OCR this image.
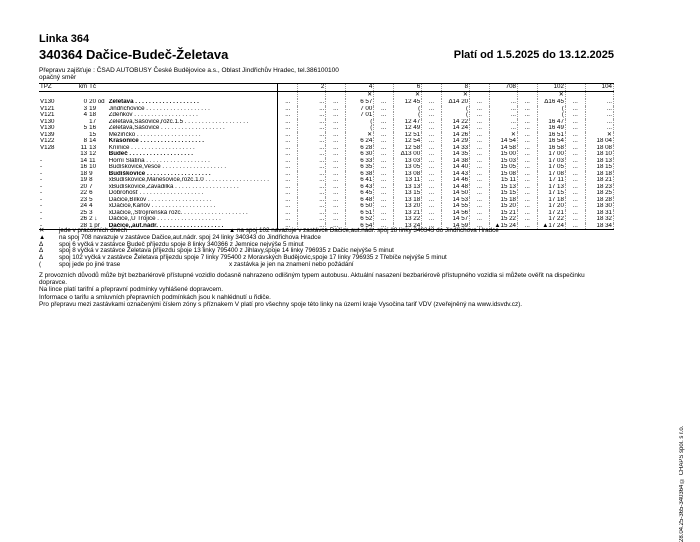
Linka 364
340364 Dačice-Budeč-Želetava	Platí od 1.5.2025 do 13.12.2025
Přepravu zajišťuje : ČSAD AUTOBUSY České Budějovice a.s., Oblast Jindřichův Hradec, tel.386100100
opačný směr
TPZ	km	Tč			2		4		6		8		708		102		104
							✕		✕		✕				✕		
V130	0	20 od	Želetava . . . . . . . . . . . . . . . . . . .	...	...	...	6 57	...	12 45	...	Δ14 20	...	...	...	Δ16 45	...	...
V121	3	19	Jindřichovice . . . . . . . . . . . . . . . . . . .	...	...	...	7 00	...	(	...	(	...	...	...	(	...	...
V121	4	18	Zdeňkov . . . . . . . . . . . . . . . . . . .	...	...	...	7 01	...	(	...	(	...	...	...	(	...	...
V130		17	Želetava,Šašovice,rozc.1.5 . . . . . . . . . . . . . . . . . . .	...	...	...	(	...	12 47	...	14 22	...	...	...	16 47	...	...
V130	5	16	Želetava,Šašovice . . . . . . . . . . . . . . . . . . .	...	...	...	(	...	12 49	...	14 24	...	...	...	16 49	...	...
V139		15	Meziříčko . . . . . . . . . . . . . . . . . . .	...	...	...	✕	...	12 51	...	14 26	...	✕	...	16 51	...	✕
V122	8	14	Krasonice . . . . . . . . . . . . . . . . . . .	...	...	...	6 24	...	12 54	...	14 29	...	14 54	...	16 54	...	18 04
V128	11	13	Knínice . . . . . . . . . . . . . . . . . . .	...	...	...	6 28	...	12 58	...	14 33	...	14 58	...	16 58	...	18 08
	13	12	Budeč . . . . . . . . . . . . . . . . . . .	...	...	...	6 30	...	Δ13 00	...	14 35	...	15 00	...	17 00	...	18 10
-	14	11	Horní Slatina . . . . . . . . . . . . . . . . . . .	...	...	...	6 33	...	13 03	...	14 38	...	15 03	...	17 03	...	18 13
-	16	10	Budíškovice,Vesce . . . . . . . . . . . . . . . . . . .	...	...	...	6 35	...	13 05	...	14 40	...	15 05	...	17 05	...	18 15
-	18	9	Budíškovice . . . . . . . . . . . . . . . . . . .	...	...	...	6 38	...	13 08	...	14 43	...	15 08	...	17 08	...	18 18
-	19	8	xBudíškovice,Manešovice,rozc.1.0 . . . . . . . . . . . . . . . . . . .	...	...	...	6 41	...	13 11	...	14 46	...	15 11	...	17 11	...	18 21
-	20	7	xBudíškovice,Zavadilka . . . . . . . . . . . . . . . . . . .	...	...	...	6 43	...	13 13	...	14 48	...	15 13	...	17 13	...	18 23
-	22	6	Dobrohošť . . . . . . . . . . . . . . . . . . .	...	...	...	6 45	...	13 15	...	14 50	...	15 15	...	17 15	...	18 25
-	23	5	Dačice,Bílkov . . . . . . . . . . . . . . . . . . .	...	...	...	6 48	...	13 18	...	14 53	...	15 18	...	17 18	...	18 28
-	24	4	xDačice,Karlov . . . . . . . . . . . . . . . . . . .	...	...	...	6 50	...	13 20	...	14 55	...	15 20	...	17 20	...	18 30
-	25	3	xDačice,,Strojírenská rozc. . . . . . . . . . . . . . . . . . . .	...	...	...	6 51	...	13 21	...	14 56	...	15 21	...	17 21	...	18 31
-	26	2 ↓	Dačice,,U Trojice . . . . . . . . . . . . . . . . . . .	...	...	...	6 52	...	13 22	...	14 57	...	15 22	...	17 22	...	18 32
-	28	1 př	Dačice,,aut.nádr. . . . . . . . . . . . . . . . . . . .	...	...	...	6 54	...	13 24	...	14 59	...	▲15 24	...	▲17 24	...	18 34
✕ jede v pracovních dnech	▲ na spoj 102 navazuje v zastávce Dačice,aut.nádr. spoj 18 linky 340343 do Jindřichova Hradce
▲ na spoj 708 navazuje v zastávce Dačice,aut.nádr. spoj 24 linky 340343 do Jindřichova Hradce
Δ	spoj 6 vyčká v zastávce Budeč příjezdu spoje 8 linky 340366 z Jemnice nejvýše 5 minut
Δ	spoj 8 vyčká v zastávce Želetava příjezdu spoje 13 linky 795400 z Jihlavy,spoje 14 linky 796935 z Dačic nejvýše 5 minut
Δ	spoj 102 vyčká v zastávce Želetava příjezdu spoje 7 linky 795400 z Moravských Budějovic,spoje 17 linky 796935 z Třebíče nejvýše 5 minut
(	spoj jede po jiné trase	x zastávka je jen na znamení nebo požádání
Z provozních důvodů může být bezbariérově přístupné vozidlo dočasně nahrazeno odlišným typem autobusu. Aktuální nasazení bezbariérově přístupného vozidla si můžete ověřit na dispečinku dopravce.
Na lince platí tarifní a přepravní podmínky vyhlášené dopravcem.
Informace o tarifu a smluvních přepravních podmínkách jsou k nahlédnutí u řidiče.
Pro přepravu mezi zastávkami označenými číslem zóny s příznakem V platí pro všechny spoje této linky na území kraje Vysočina tarif VDV (zveřejněný na www.idsvdv.cz).
28.04.25-365-340364 © CHAPS spol. s r.o.
